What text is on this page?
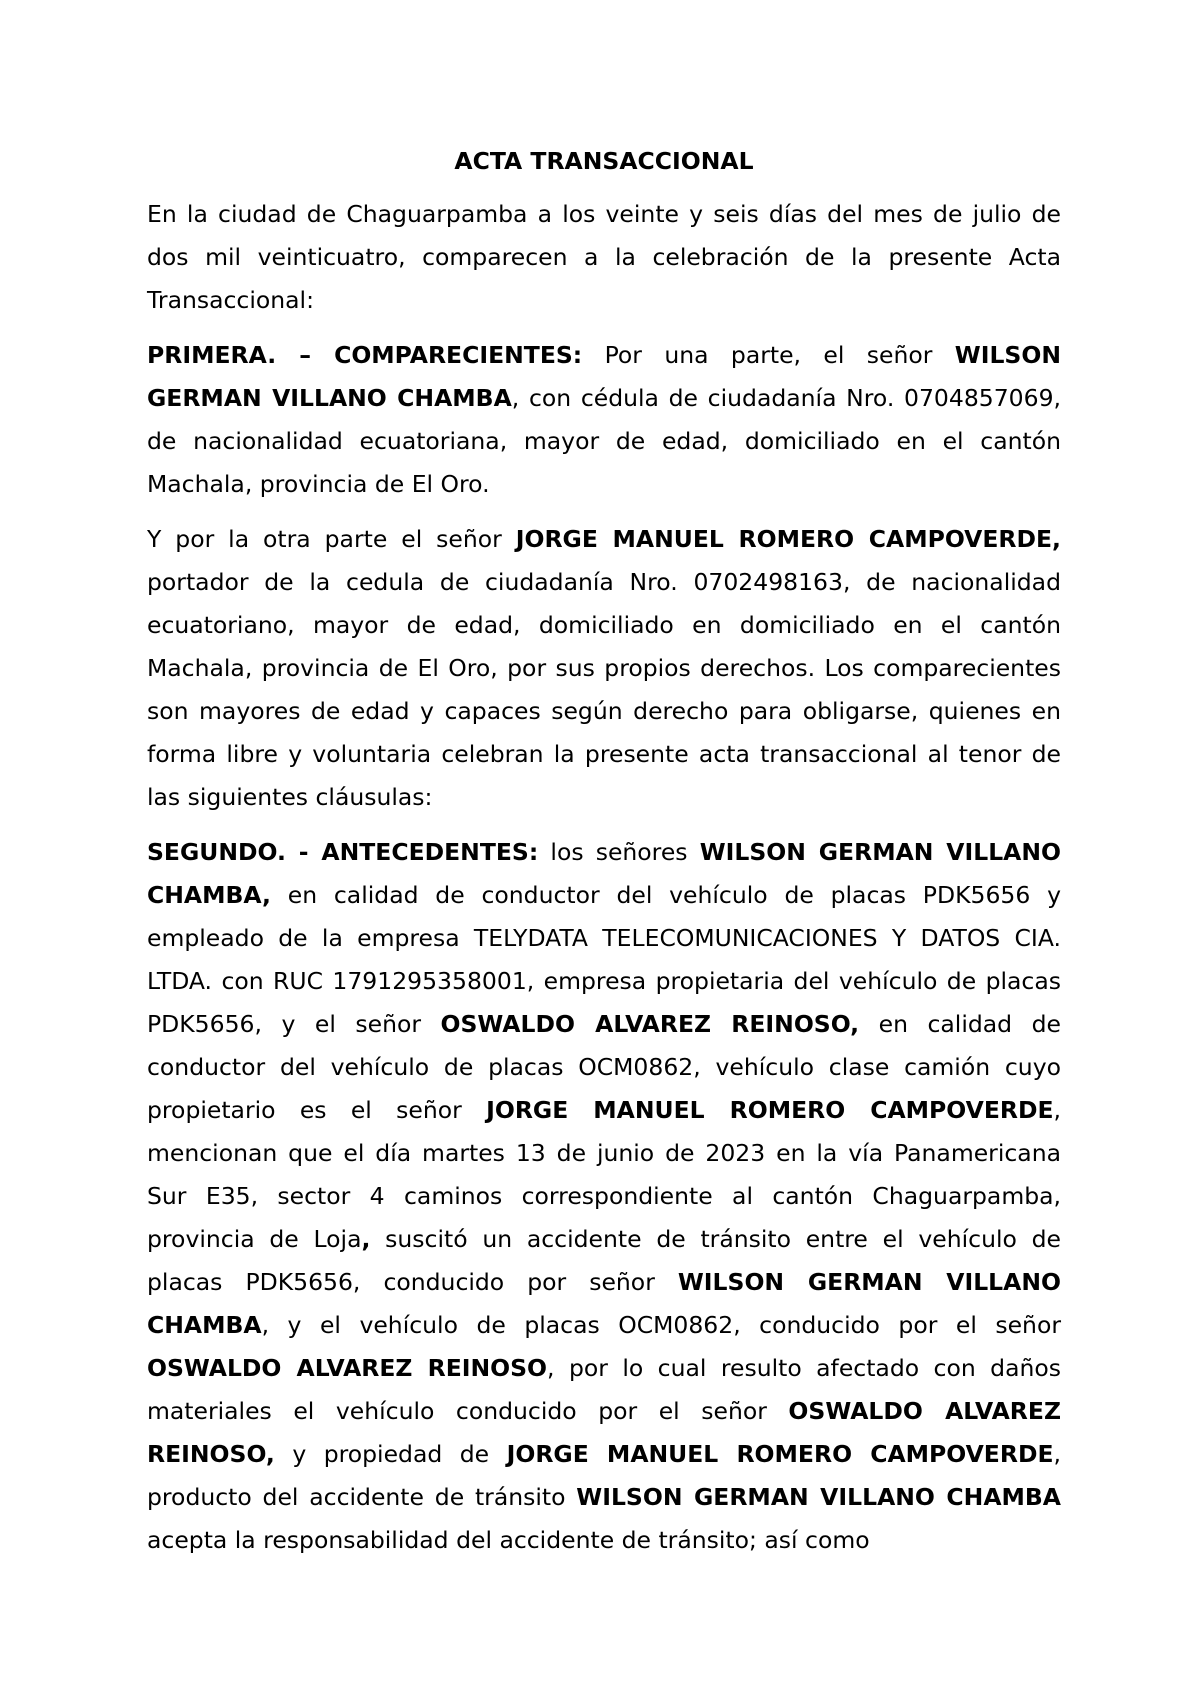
ACTA TRANSACCIONAL
En la ciudad de Chaguarpamba a los veinte y seis días del mes de julio de dos mil veinticuatro, comparecen a la celebración de la presente Acta Transaccional:
PRIMERA. – COMPARECIENTES: Por una parte, el señor WILSON GERMAN VILLANO CHAMBA, con cédula de ciudadanía Nro. 0704857069, de nacionalidad ecuatoriana, mayor de edad, domiciliado en el cantón Machala, provincia de El Oro.
Y por la otra parte el señor JORGE MANUEL ROMERO CAMPOVERDE, portador de la cedula de ciudadanía Nro. 0702498163, de nacionalidad ecuatoriano, mayor de edad, domiciliado en domiciliado en el cantón Machala, provincia de El Oro, por sus propios derechos. Los comparecientes son mayores de edad y capaces según derecho para obligarse, quienes en forma libre y voluntaria celebran la presente acta transaccional al tenor de las siguientes cláusulas:
SEGUNDO. - ANTECEDENTES: los señores WILSON GERMAN VILLANO CHAMBA, en calidad de conductor del vehículo de placas PDK5656 y empleado de la empresa TELYDATA TELECOMUNICACIONES Y DATOS CIA. LTDA. con RUC 1791295358001, empresa propietaria del vehículo de placas PDK5656, y el señor OSWALDO ALVAREZ REINOSO, en calidad de conductor del vehículo de placas OCM0862, vehículo clase camión cuyo propietario es el señor JORGE MANUEL ROMERO CAMPOVERDE, mencionan que el día martes 13 de junio de 2023 en la vía Panamericana Sur E35, sector 4 caminos correspondiente al cantón Chaguarpamba, provincia de Loja, suscitó un accidente de tránsito entre el vehículo de placas PDK5656, conducido por señor WILSON GERMAN VILLANO CHAMBA, y el vehículo de placas OCM0862, conducido por el señor OSWALDO ALVAREZ REINOSO, por lo cual resulto afectado con daños materiales el vehículo conducido por el señor OSWALDO ALVAREZ REINOSO, y propiedad de JORGE MANUEL ROMERO CAMPOVERDE, producto del accidente de tránsito WILSON GERMAN VILLANO CHAMBA acepta la responsabilidad del accidente de tránsito; así como
